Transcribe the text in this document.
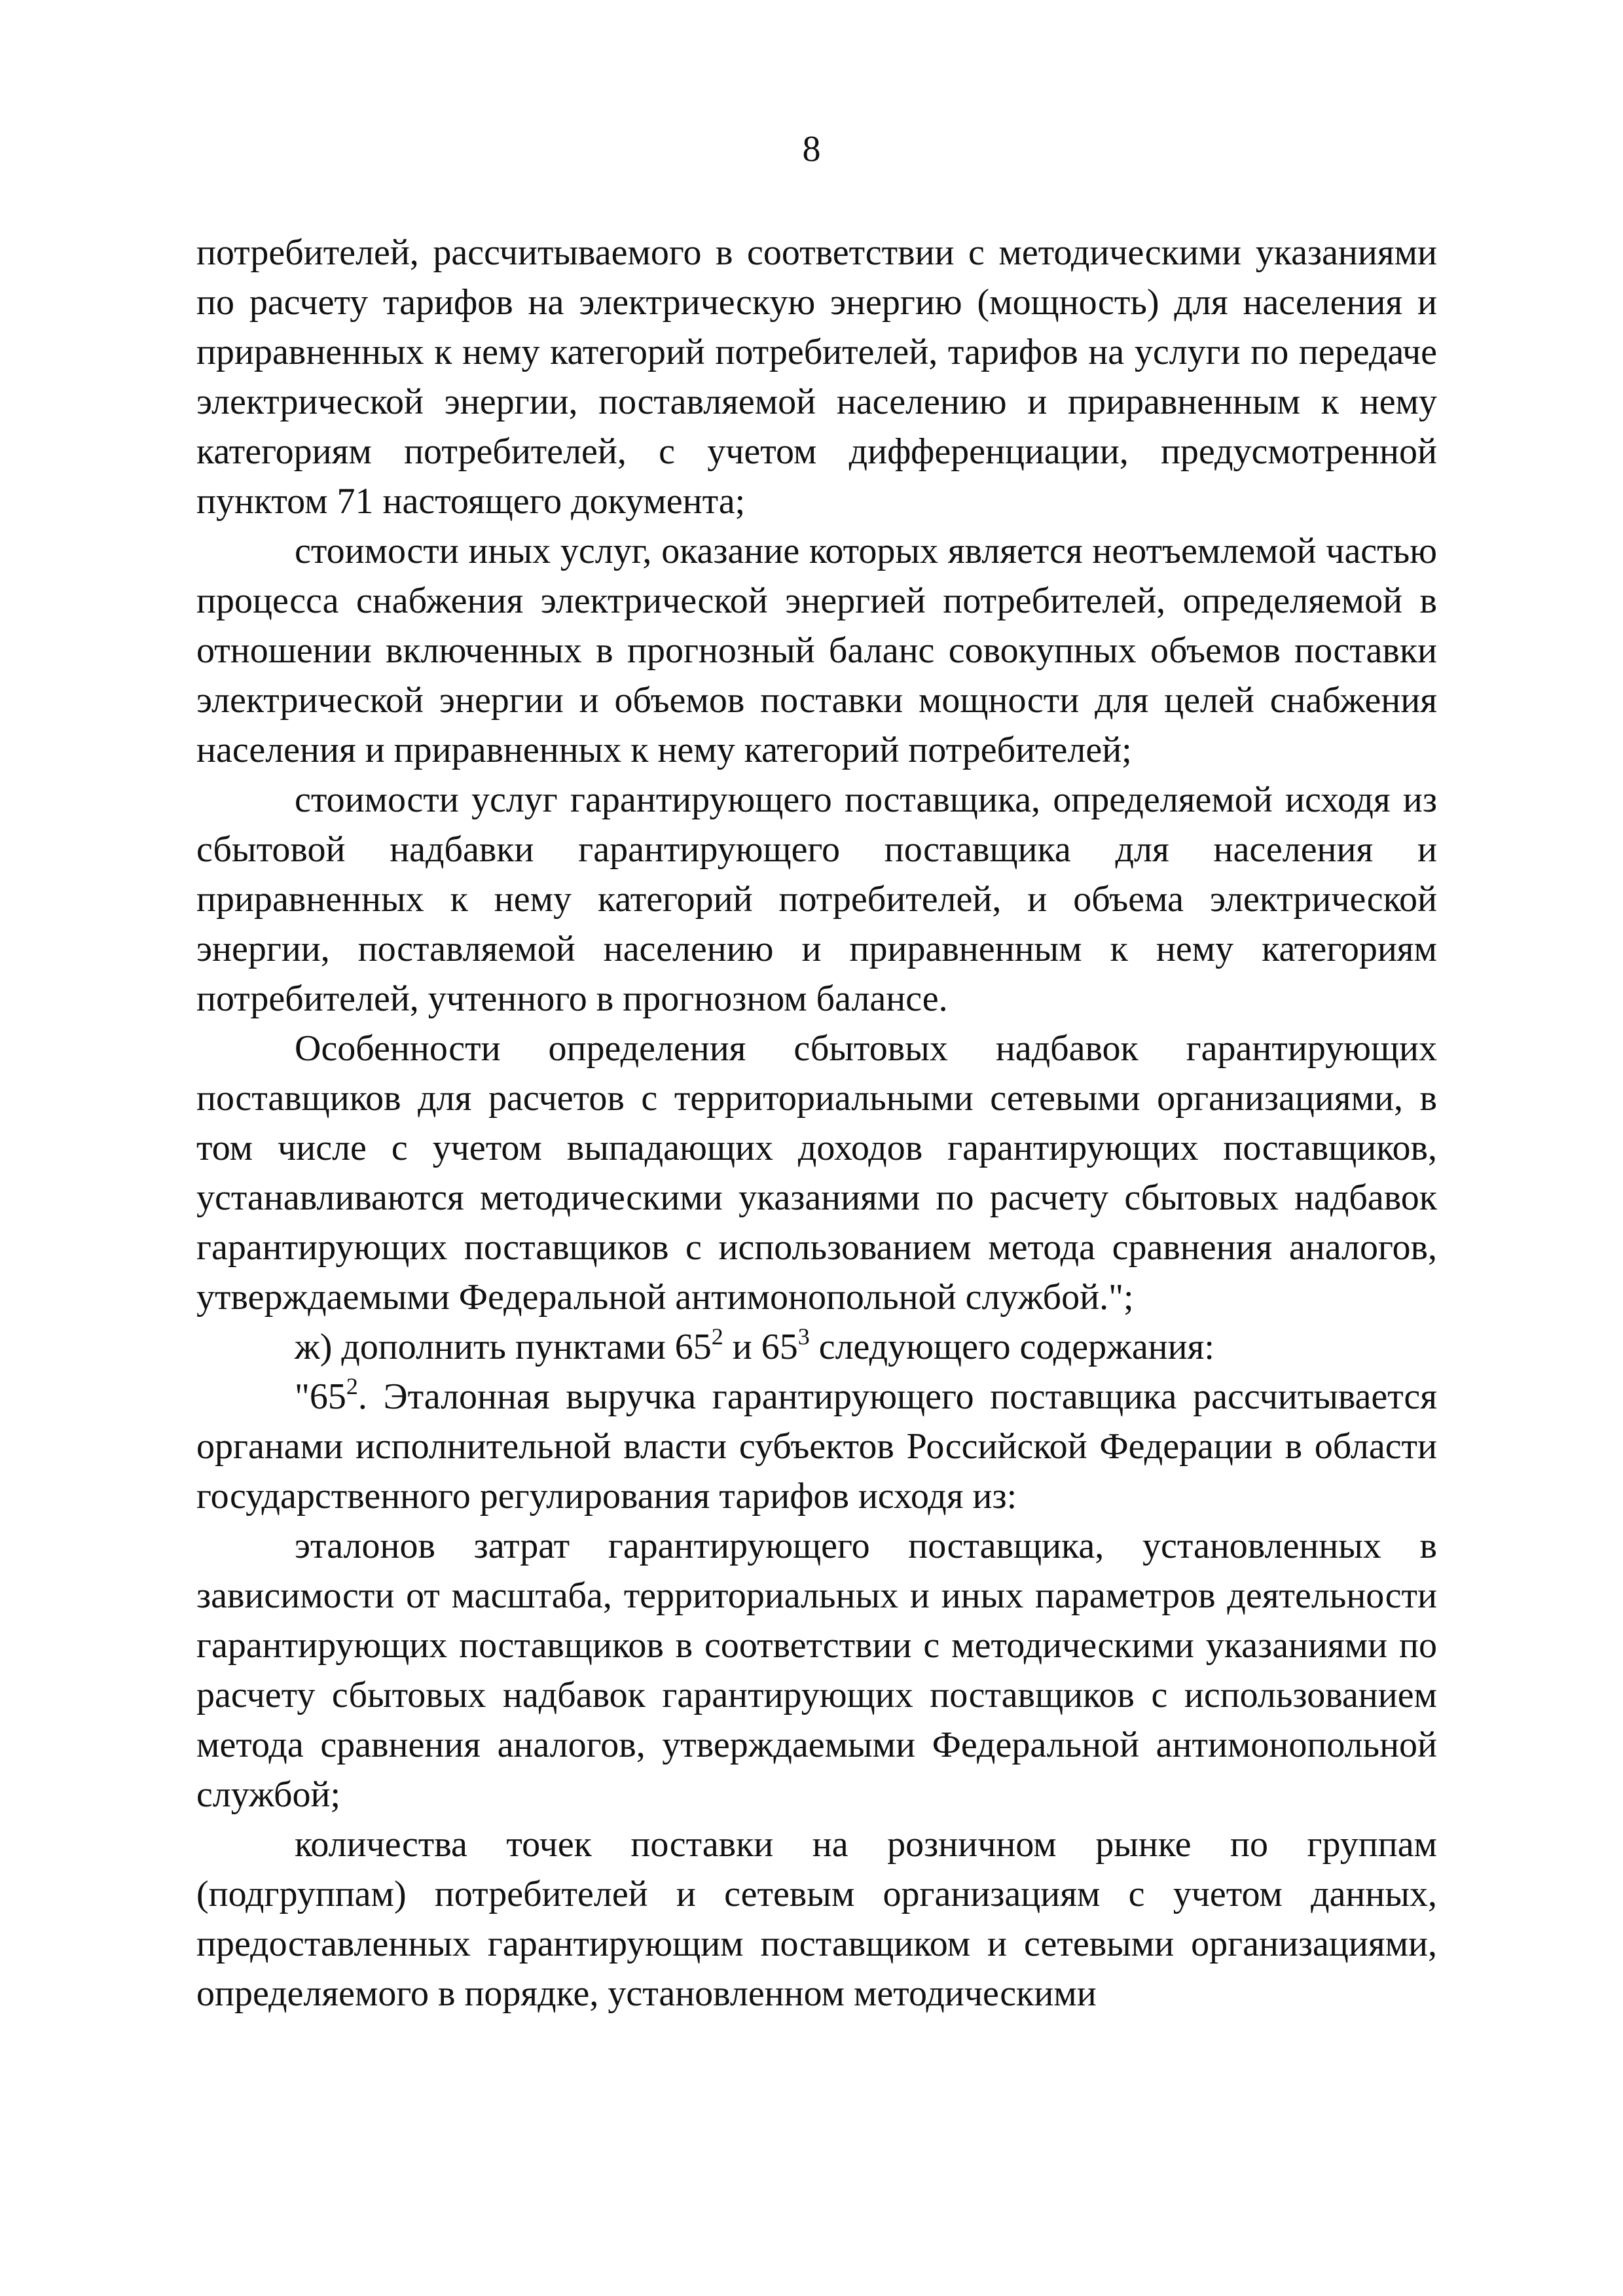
8

потребителей, рассчитываемого в соответствии с методическими указаниями по расчету тарифов на электрическую энергию (мощность) для населения и приравненных к нему категорий потребителей, тарифов на услуги по передаче электрической энергии, поставляемой населению и приравненным к нему категориям потребителей, с учетом дифференциации, предусмотренной пунктом 71 настоящего документа;

стоимости иных услуг, оказание которых является неотъемлемой частью процесса снабжения электрической энергией потребителей, определяемой в отношении включенных в прогнозный баланс совокупных объемов поставки электрической энергии и объемов поставки мощности для целей снабжения населения и приравненных к нему категорий потребителей;

стоимости услуг гарантирующего поставщика, определяемой исходя из сбытовой надбавки гарантирующего поставщика для населения и приравненных к нему категорий потребителей, и объема электрической энергии, поставляемой населению и приравненным к нему категориям потребителей, учтенного в прогнозном балансе.

Особенности определения сбытовых надбавок гарантирующих поставщиков для расчетов с территориальными сетевыми организациями, в том числе с учетом выпадающих доходов гарантирующих поставщиков, устанавливаются методическими указаниями по расчету сбытовых надбавок гарантирующих поставщиков с использованием метода сравнения аналогов, утверждаемыми Федеральной антимонопольной службой.";

ж) дополнить пунктами $65^2$ и $65^3$ следующего содержания:

"$65^2$. Эталонная выручка гарантирующего поставщика рассчитывается органами исполнительной власти субъектов Российской Федерации в области государственного регулирования тарифов исходя из:

эталонов затрат гарантирующего поставщика, установленных в зависимости от масштаба, территориальных и иных параметров деятельности гарантирующих поставщиков в соответствии с методическими указаниями по расчету сбытовых надбавок гарантирующих поставщиков с использованием метода сравнения аналогов, утверждаемыми Федеральной антимонопольной службой;

количества точек поставки на розничном рынке по группам (подгруппам) потребителей и сетевым организациям с учетом данных, предоставленных гарантирующим поставщиком и сетевыми организациями, определяемого в порядке, установленном методическими
